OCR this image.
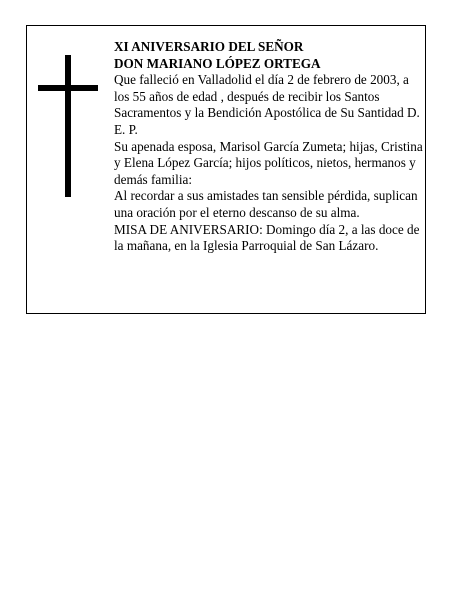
XI ANIVERSARIO DEL SEÑOR

DON MARIANO LÓPEZ ORTEGA

Que falleció en Valladolid el día 2 de febrero de 2003, a los 55 años de edad , después de recibir los Santos Sacramentos y la Bendición Apostólica de Su Santidad D. E. P.

Su apenada esposa, Marisol García Zumeta; hijas, Cristina y Elena López García; hijos políticos, nietos, hermanos y demás familia:

Al recordar a sus amistades tan sensible pérdida, suplican una oración por el eterno descanso de su alma.

MISA DE ANIVERSARIO: Domingo día 2, a las doce de la mañana, en la Iglesia Parroquial de San Lázaro.
